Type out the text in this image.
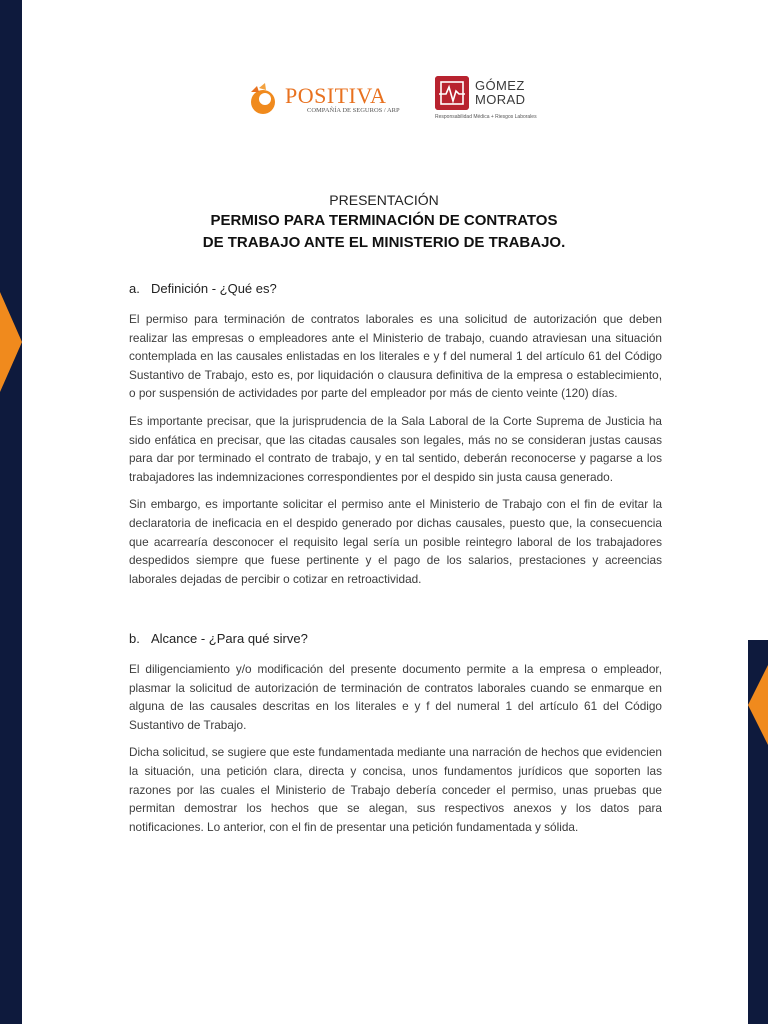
POSITIVA
COMPAÑÍA DE SEGUROS / ARP
GÓMEZ
MORAD
Responsabilidad Médica + Riesgos Laborales
PRESENTACIÓN
PERMISO PARA TERMINACIÓN DE CONTRATOS
DE TRABAJO ANTE EL MINISTERIO DE TRABAJO.
a. Definición - ¿Qué es?

El permiso para terminación de contratos laborales es una solicitud de autorización que deben realizar las empresas o empleadores ante el Ministerio de trabajo, cuando atraviesan una situación contemplada en las causales enlistadas en los literales e y f del numeral 1 del artículo 61 del Código Sustantivo de Trabajo, esto es, por liquidación o clausura definitiva de la empresa o establecimiento, o por suspensión de actividades por parte del empleador por más de ciento veinte (120) días.

Es importante precisar, que la jurisprudencia de la Sala Laboral de la Corte Suprema de Justicia ha sido enfática en precisar, que las citadas causales son legales, más no se consideran justas causas para dar por terminado el contrato de trabajo, y en tal sentido, deberán reconocerse y pagarse a los trabajadores las indemnizaciones correspondientes por el despido sin justa causa generado.

Sin embargo, es importante solicitar el permiso ante el Ministerio de Trabajo con el fin de evitar la declaratoria de ineficacia en el despido generado por dichas causales, puesto que, la consecuencia que acarrearía desconocer el requisito legal sería un posible reintegro laboral de los trabajadores despedidos siempre que fuese pertinente y el pago de los salarios, prestaciones y acreencias laborales dejadas de percibir o cotizar en retroactividad.

b. Alcance - ¿Para qué sirve?

El diligenciamiento y/o modificación del presente documento permite a la empresa o empleador, plasmar la solicitud de autorización de terminación de contratos laborales cuando se enmarque en alguna de las causales descritas en los literales e y f del numeral 1 del artículo 61 del Código Sustantivo de Trabajo.

Dicha solicitud, se sugiere que este fundamentada mediante una narración de hechos que evidencien la situación, una petición clara, directa y concisa, unos fundamentos jurídicos que soporten las razones por las cuales el Ministerio de Trabajo debería conceder el permiso, unas pruebas que permitan demostrar los hechos que se alegan, sus respectivos anexos y los datos para notificaciones. Lo anterior, con el fin de presentar una petición fundamentada y sólida.
